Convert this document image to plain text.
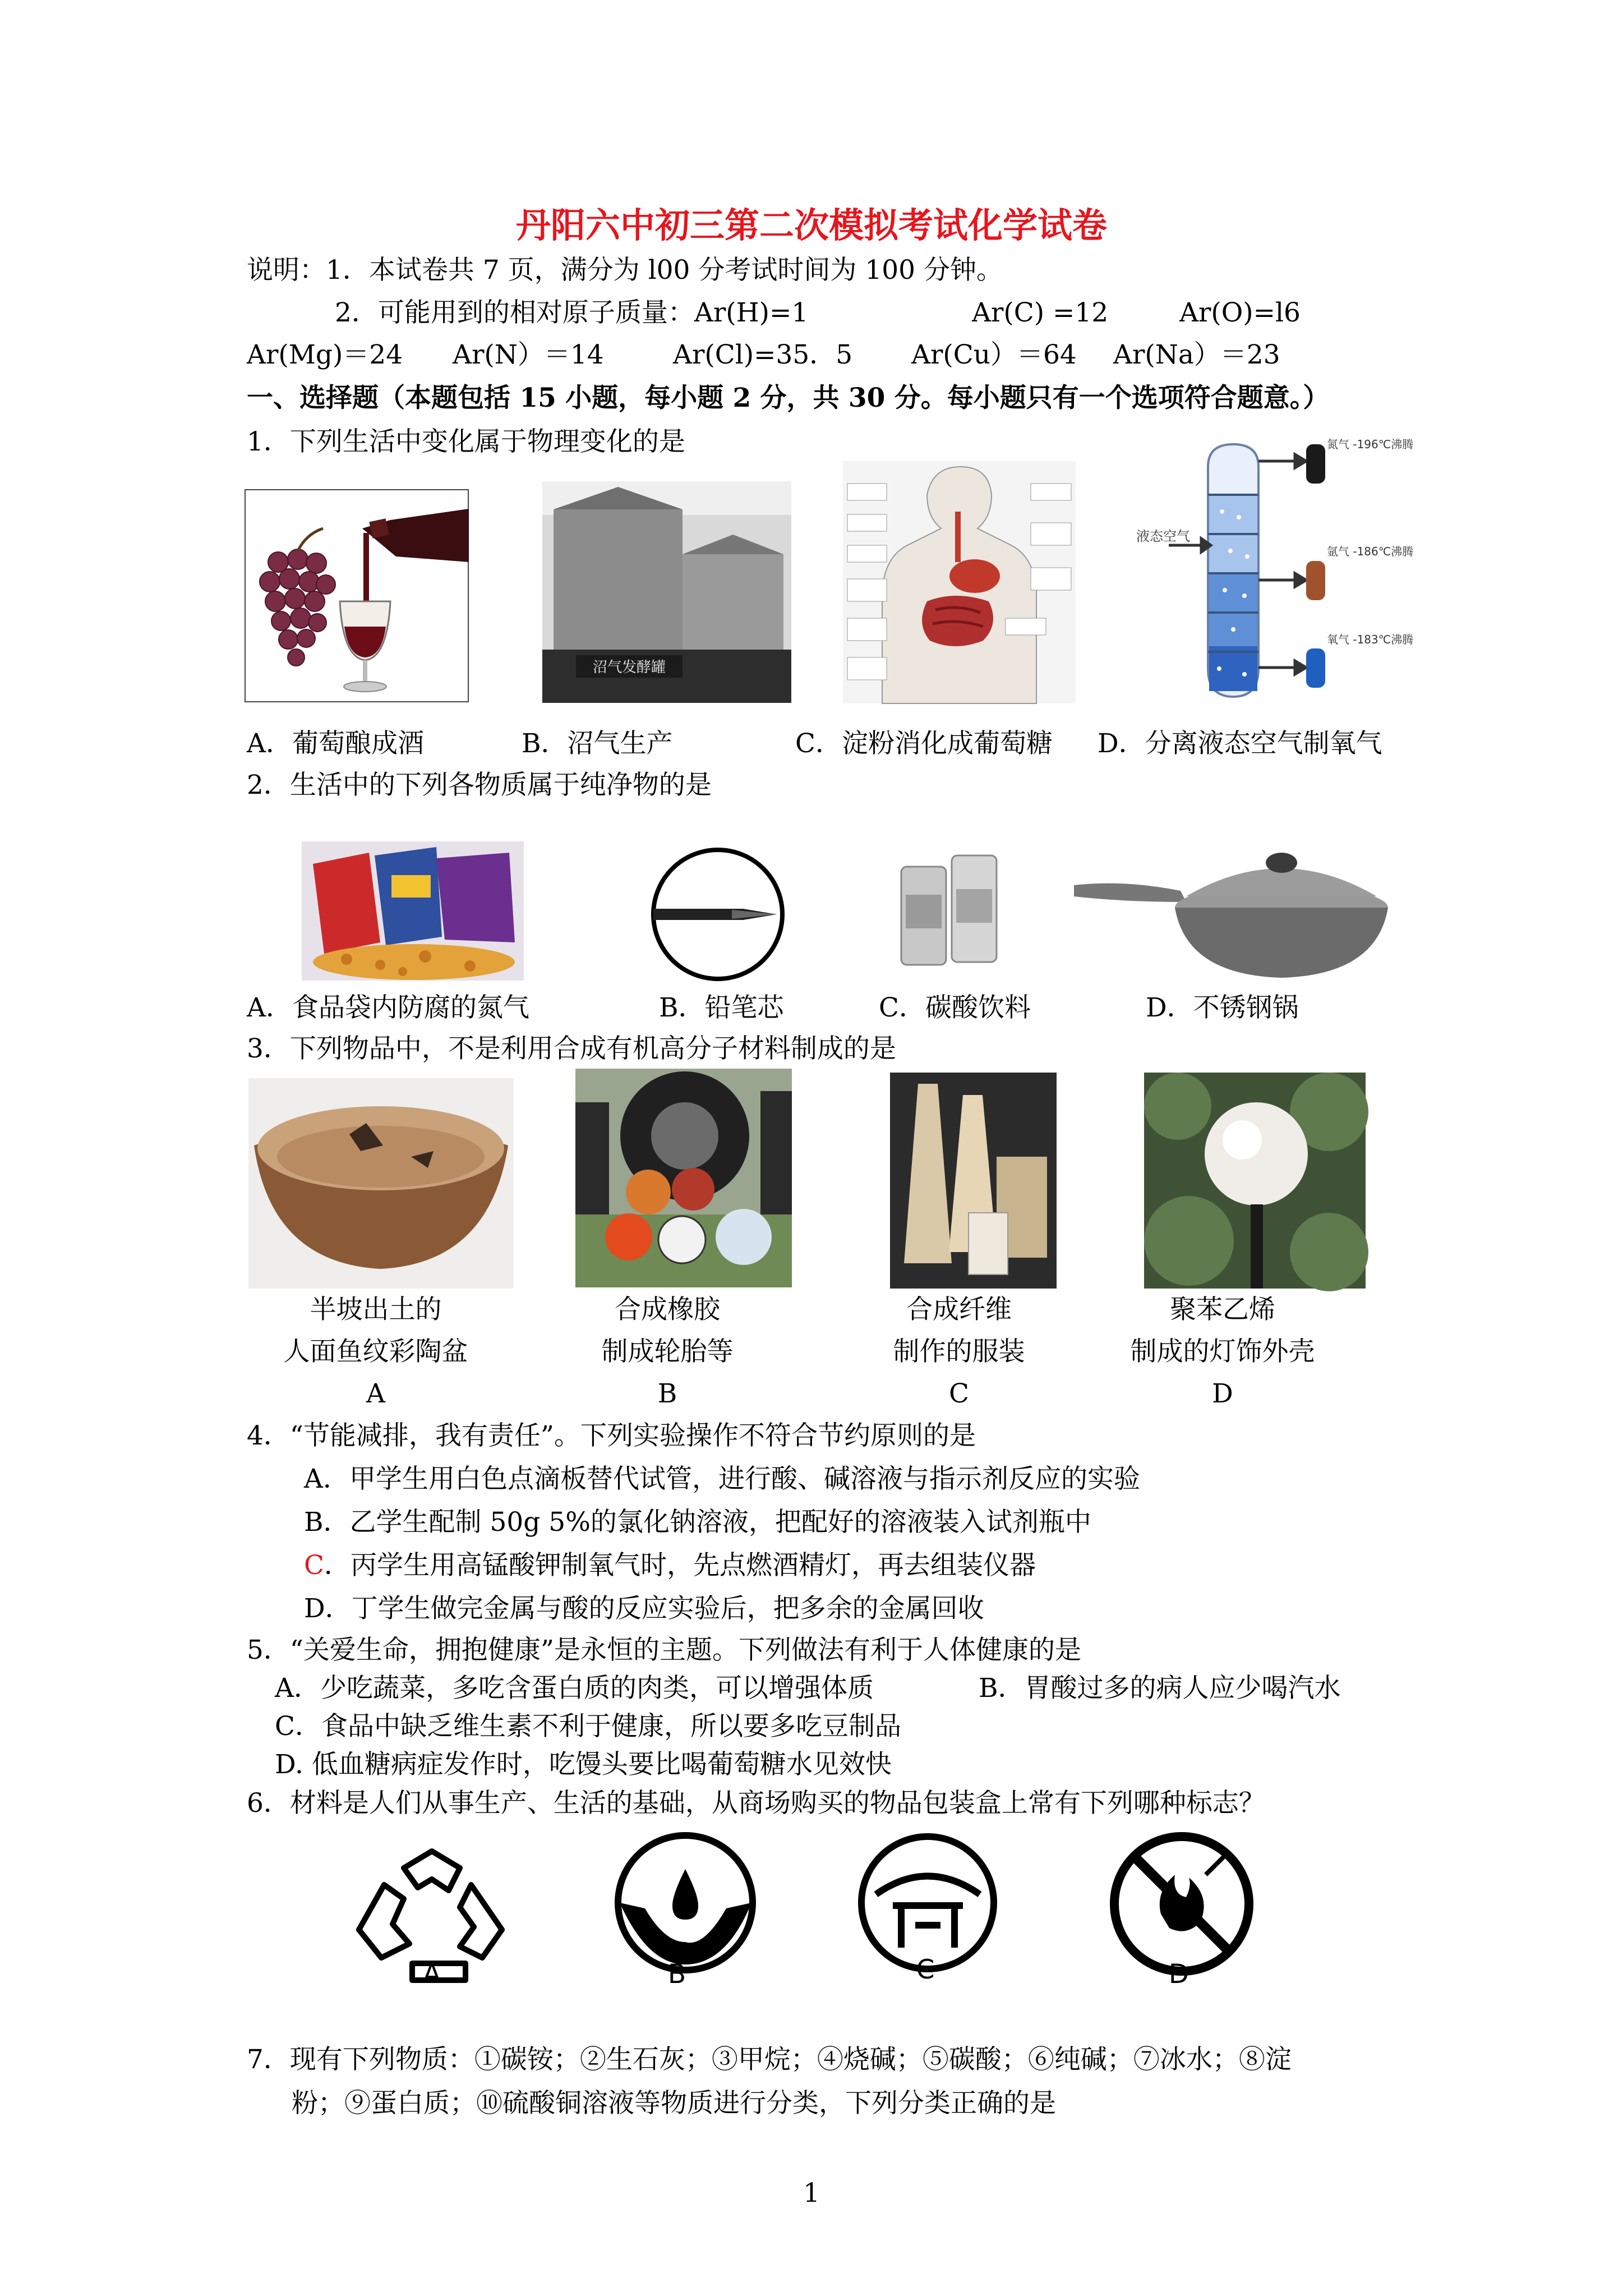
丹阳六中初三第二次模拟考试化学试卷
说明：1．本试卷共 7 页，满分为 l00 分考试时间为 100 分钟。
2．可能用到的相对原子质量：Ar(H)=1	Ar(C) =12	Ar(O)=l6
Ar(Mg)＝24 Ar(N）＝14	Ar(Cl)=35．5 Ar(Cu）＝64 Ar(Na）＝23
一、选择题（本题包括 15 小题，每小题 2 分，共 30 分。每小题只有一个选项符合题意。）
1．下列生活中变化属于物理变化的是
沼气发酵罐
氮气 -196℃沸腾
氩气 -186℃沸腾
氧气 -183℃沸腾
液态空气
A．葡萄酿成酒	B．沼气生产	C．淀粉消化成葡萄糖 D．分离液态空气制氧气
2．生活中的下列各物质属于纯净物的是
A．食品袋内防腐的氮气	B．铅笔芯	C．碳酸饮料	D．不锈钢锅
3．下列物品中，不是利用合成有机高分子材料制成的是
半坡出土的
人面鱼纹彩陶盆
A
合成橡胶
制成轮胎等
B
合成纤维
制作的服装
C
聚苯乙烯
制成的灯饰外壳
D
4．“节能减排，我有责任”。下列实验操作不符合节约原则的是
A．甲学生用白色点滴板替代试管，进行酸、碱溶液与指示剂反应的实验
B．乙学生配制 50g 5%的氯化钠溶液，把配好的溶液装入试剂瓶中
C．丙学生用高锰酸钾制氧气时，先点燃酒精灯，再去组装仪器
D．丁学生做完金属与酸的反应实验后，把多余的金属回收
5．“关爱生命，拥抱健康”是永恒的主题。下列做法有利于人体健康的是
A．少吃蔬菜，多吃含蛋白质的肉类，可以增强体质	B．胃酸过多的病人应少喝汽水
C．食品中缺乏维生素不利于健康，所以要多吃豆制品
D. 低血糖病症发作时，吃馒头要比喝葡萄糖水见效快
6．材料是人们从事生产、生活的基础，从商场购买的物品包装盒上常有下列哪种标志？
A	B	C	D
7．现有下列物质：①碳铵；②生石灰；③甲烷；④烧碱；⑤碳酸；⑥纯碱；⑦冰水；⑧淀
粉；⑨蛋白质；⑩硫酸铜溶液等物质进行分类，下列分类正确的是
1
